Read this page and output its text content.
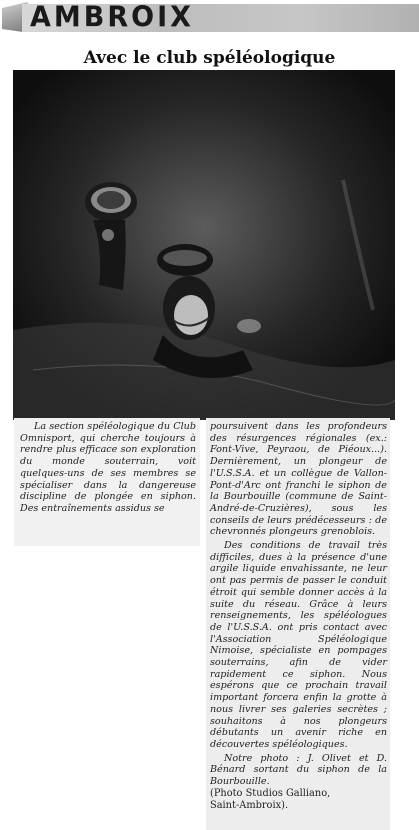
AMBROIX
Avec le club spéléologique

La section spéléologique du Club Omnisport, qui cherche toujours à rendre plus efficace son exploration du monde souterrain, voit quelques-uns de ses membres se spécialiser dans la dangereuse discipline de plongée en siphon. Des entraînements assidus se

poursuivent dans les profondeurs des résurgences régionales (ex.: Font-Vive, Peyraou, de Piéoux...). Dernièrement, un plongeur de l'U.S.S.A. et un collègue de Vallon-Pont-d'Arc ont franchi le siphon de la Bourbouille (commune de Saint-André-de-Cruzières), sous les conseils de leurs prédécesseurs : de chevronnés plongeurs grenoblois.

Des conditions de travail très difficiles, dues à la présence d'une argile liquide envahissante, ne leur ont pas permis de passer le conduit étroit qui semble donner accès à la suite du réseau. Grâce à leurs renseignements, les spéléologues de l'U.S.S.A. ont pris contact avec l'Association Spéléologique Nimoise, spécialiste en pompages souterrains, afin de vider rapidement ce siphon. Nous espérons que ce prochain travail important forcera enfin la grotte à nous livrer ses galeries secrètes ; souhaitons à nos plongeurs débutants un avenir riche en découvertes spéléologiques.

Notre photo : J. Olivet et D. Bénard sortant du siphon de la Bourbouille.

(Photo Studios Galliano,

Saint-Ambroix).
